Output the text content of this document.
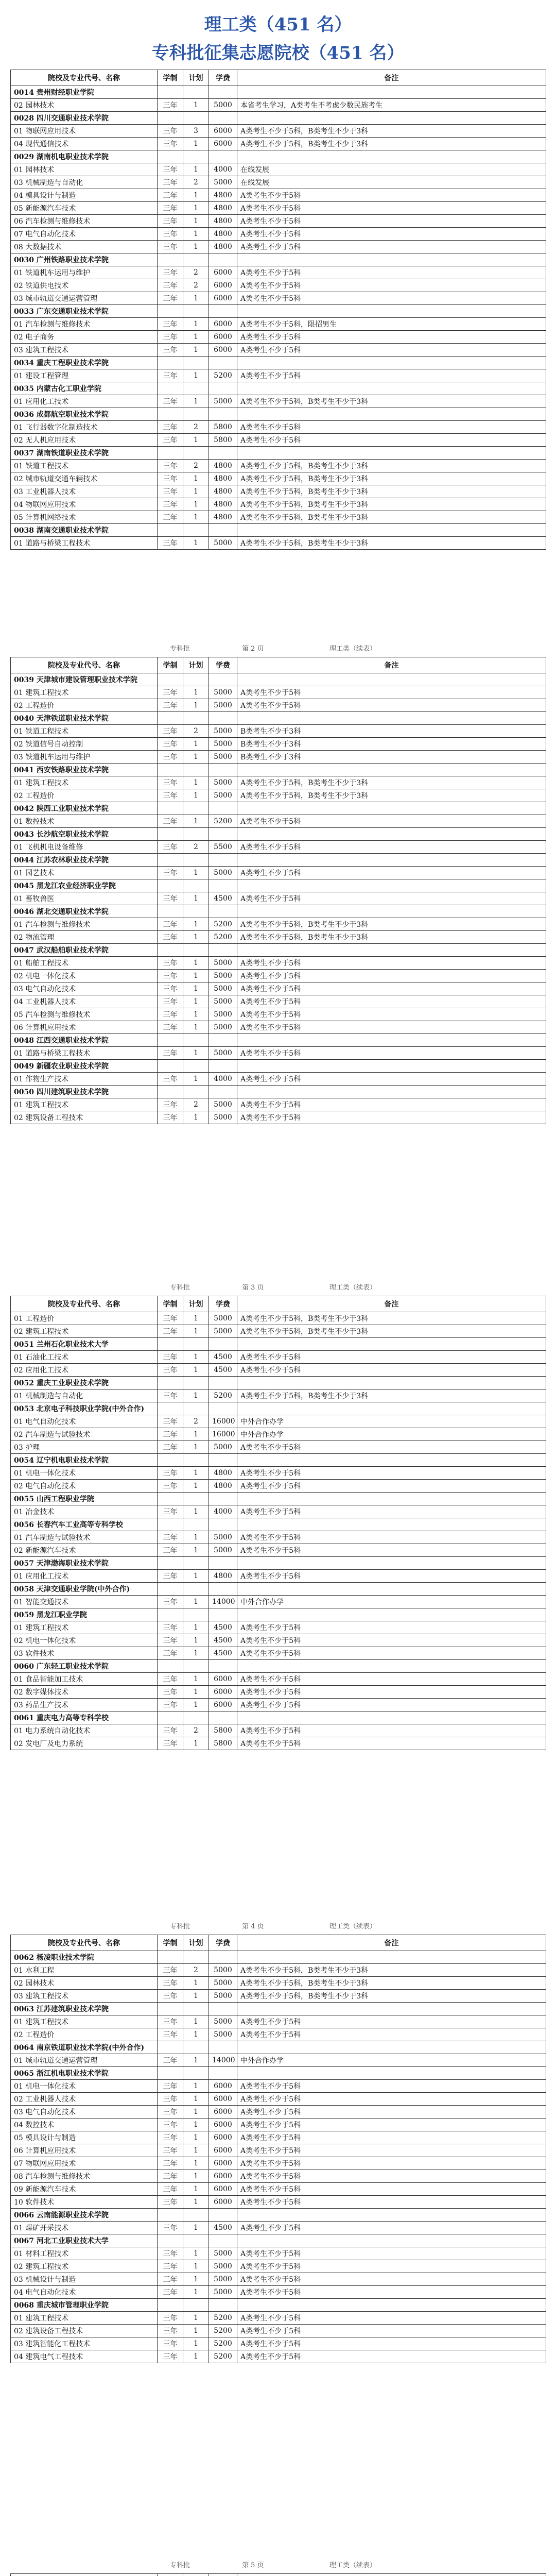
理工类（451 名）
专科批征集志愿院校（451 名）
院校及专业代号、名称	学制	计划	学费	备注
0014 贵州财经职业学院				
02 园林技术	三年	1	5000	本省考生学习，A类考生不考虑少数民族考生
0028 四川交通职业技术学院				
01 物联网应用技术	三年	3	6000	A类考生不少于5科，B类考生不少于3科
04 现代通信技术	三年	1	6000	A类考生不少于5科，B类考生不少于3科
0029 湖南机电职业技术学院				
01 园林技术	三年	1	4000	在线发展
03 机械制造与自动化	三年	2	5000	在线发展
04 模具设计与制造	三年	1	4800	A类考生不少于5科
05 新能源汽车技术	三年	1	4800	A类考生不少于5科
06 汽车检测与维修技术	三年	1	4800	A类考生不少于5科
07 电气自动化技术	三年	1	4800	A类考生不少于5科
08 大数据技术	三年	1	4800	A类考生不少于5科
0030 广州铁路职业技术学院				
01 铁道机车运用与维护	三年	2	6000	A类考生不少于5科
02 铁道供电技术	三年	2	6000	A类考生不少于5科
03 城市轨道交通运营管理	三年	1	6000	A类考生不少于5科
0033 广东交通职业技术学院				
01 汽车检测与维修技术	三年	1	6000	A类考生不少于5科，限招男生
02 电子商务	三年	1	6000	A类考生不少于5科
03 建筑工程技术	三年	1	6000	A类考生不少于5科
0034 重庆工程职业技术学院				
01 建设工程管理	三年	1	5200	A类考生不少于5科
0035 内蒙古化工职业学院				
01 应用化工技术	三年	1	5000	A类考生不少于5科，B类考生不少于3科
0036 成都航空职业技术学院				
01 飞行器数字化制造技术	三年	2	5800	A类考生不少于5科
02 无人机应用技术	三年	1	5800	A类考生不少于5科
0037 湖南铁道职业技术学院				
01 铁道工程技术	三年	2	4800	A类考生不少于5科，B类考生不少于3科
02 城市轨道交通车辆技术	三年	1	4800	A类考生不少于5科，B类考生不少于3科
03 工业机器人技术	三年	1	4800	A类考生不少于5科，B类考生不少于3科
04 物联网应用技术	三年	1	4800	A类考生不少于5科，B类考生不少于3科
05 计算机网络技术	三年	1	4800	A类考生不少于5科，B类考生不少于3科
0038 湖南交通职业技术学院				
01 道路与桥梁工程技术	三年	1	5000	A类考生不少于5科，B类考生不少于3科
专科批	第 2 页	理工类（续表）
院校及专业代号、名称	学制	计划	学费	备注
0039 天津城市建设管理职业技术学院				
01 建筑工程技术	三年	1	5000	A类考生不少于5科
02 工程造价	三年	1	5000	A类考生不少于5科
0040 天津铁道职业技术学院				
01 铁道工程技术	三年	2	5000	B类考生不少于3科
02 铁道信号自动控制	三年	1	5000	B类考生不少于3科
03 铁道机车运用与维护	三年	1	5000	B类考生不少于3科
0041 西安铁路职业技术学院				
01 建筑工程技术	三年	1	5000	A类考生不少于5科，B类考生不少于3科
02 工程造价	三年	1	5000	A类考生不少于5科，B类考生不少于3科
0042 陕西工业职业技术学院				
01 数控技术	三年	1	5200	A类考生不少于5科
0043 长沙航空职业技术学院				
01 飞机机电设备维修	三年	2	5500	A类考生不少于5科
0044 江苏农林职业技术学院				
01 园艺技术	三年	1	5000	A类考生不少于5科
0045 黑龙江农业经济职业学院				
01 畜牧兽医	三年	1	4500	A类考生不少于5科
0046 湖北交通职业技术学院				
01 汽车检测与维修技术	三年	1	5200	A类考生不少于5科，B类考生不少于3科
02 物流管理	三年	1	5200	A类考生不少于5科，B类考生不少于3科
0047 武汉船舶职业技术学院				
01 船舶工程技术	三年	1	5000	A类考生不少于5科
02 机电一体化技术	三年	1	5000	A类考生不少于5科
03 电气自动化技术	三年	1	5000	A类考生不少于5科
04 工业机器人技术	三年	1	5000	A类考生不少于5科
05 汽车检测与维修技术	三年	1	5000	A类考生不少于5科
06 计算机应用技术	三年	1	5000	A类考生不少于5科
0048 江西交通职业技术学院				
01 道路与桥梁工程技术	三年	1	5000	A类考生不少于5科
0049 新疆农业职业技术学院				
01 作物生产技术	三年	1	4000	A类考生不少于5科
0050 四川建筑职业技术学院				
01 建筑工程技术	三年	2	5000	A类考生不少于5科
02 建筑设备工程技术	三年	1	5000	A类考生不少于5科
专科批	第 3 页	理工类（续表）
院校及专业代号、名称	学制	计划	学费	备注
01 工程造价	三年	1	5000	A类考生不少于5科，B类考生不少于3科
02 建筑工程技术	三年	1	5000	A类考生不少于5科，B类考生不少于3科
0051 兰州石化职业技术大学				
01 石油化工技术	三年	1	4500	A类考生不少于5科
02 应用化工技术	三年	1	4500	A类考生不少于5科
0052 重庆工业职业技术学院				
01 机械制造与自动化	三年	1	5200	A类考生不少于5科，B类考生不少于3科
0053 北京电子科技职业学院(中外合作)				
01 电气自动化技术	三年	2	16000	中外合作办学
02 汽车制造与试验技术	三年	1	16000	中外合作办学
03 护理	三年	1	5000	A类考生不少于5科
0054 辽宁机电职业技术学院				
01 机电一体化技术	三年	1	4800	A类考生不少于5科
02 电气自动化技术	三年	1	4800	A类考生不少于5科
0055 山西工程职业学院				
01 冶金技术	三年	1	4000	A类考生不少于5科
0056 长春汽车工业高等专科学校				
01 汽车制造与试验技术	三年	1	5000	A类考生不少于5科
02 新能源汽车技术	三年	1	5000	A类考生不少于5科
0057 天津渤海职业技术学院				
01 应用化工技术	三年	1	4800	A类考生不少于5科
0058 天津交通职业学院(中外合作)				
01 智能交通技术	三年	1	14000	中外合作办学
0059 黑龙江职业学院				
01 建筑工程技术	三年	1	4500	A类考生不少于5科
02 机电一体化技术	三年	1	4500	A类考生不少于5科
03 软件技术	三年	1	4500	A类考生不少于5科
0060 广东轻工职业技术学院				
01 食品智能加工技术	三年	1	6000	A类考生不少于5科
02 数字媒体技术	三年	1	6000	A类考生不少于5科
03 药品生产技术	三年	1	6000	A类考生不少于5科
0061 重庆电力高等专科学校				
01 电力系统自动化技术	三年	2	5800	A类考生不少于5科
02 发电厂及电力系统	三年	1	5800	A类考生不少于5科
专科批	第 4 页	理工类（续表）
院校及专业代号、名称	学制	计划	学费	备注
0062 杨凌职业技术学院				
01 水利工程	三年	2	5000	A类考生不少于5科，B类考生不少于3科
02 园林技术	三年	1	5000	A类考生不少于5科，B类考生不少于3科
03 建筑工程技术	三年	1	5000	A类考生不少于5科，B类考生不少于3科
0063 江苏建筑职业技术学院				
01 建筑工程技术	三年	1	5000	A类考生不少于5科
02 工程造价	三年	1	5000	A类考生不少于5科
0064 南京铁道职业技术学院(中外合作)				
01 城市轨道交通运营管理	三年	1	14000	中外合作办学
0065 浙江机电职业技术学院				
01 机电一体化技术	三年	1	6000	A类考生不少于5科
02 工业机器人技术	三年	1	6000	A类考生不少于5科
03 电气自动化技术	三年	1	6000	A类考生不少于5科
04 数控技术	三年	1	6000	A类考生不少于5科
05 模具设计与制造	三年	1	6000	A类考生不少于5科
06 计算机应用技术	三年	1	6000	A类考生不少于5科
07 物联网应用技术	三年	1	6000	A类考生不少于5科
08 汽车检测与维修技术	三年	1	6000	A类考生不少于5科
09 新能源汽车技术	三年	1	6000	A类考生不少于5科
10 软件技术	三年	1	6000	A类考生不少于5科
0066 云南能源职业技术学院				
01 煤矿开采技术	三年	1	4500	A类考生不少于5科
0067 河北工业职业技术大学				
01 材料工程技术	三年	1	5000	A类考生不少于5科
02 建筑工程技术	三年	1	5000	A类考生不少于5科
03 机械设计与制造	三年	1	5000	A类考生不少于5科
04 电气自动化技术	三年	1	5000	A类考生不少于5科
0068 重庆城市管理职业学院				
01 建筑工程技术	三年	1	5200	A类考生不少于5科
02 建筑设备工程技术	三年	1	5200	A类考生不少于5科
03 建筑智能化工程技术	三年	1	5200	A类考生不少于5科
04 建筑电气工程技术	三年	1	5200	A类考生不少于5科
专科批	第 5 页	理工类（续表）
